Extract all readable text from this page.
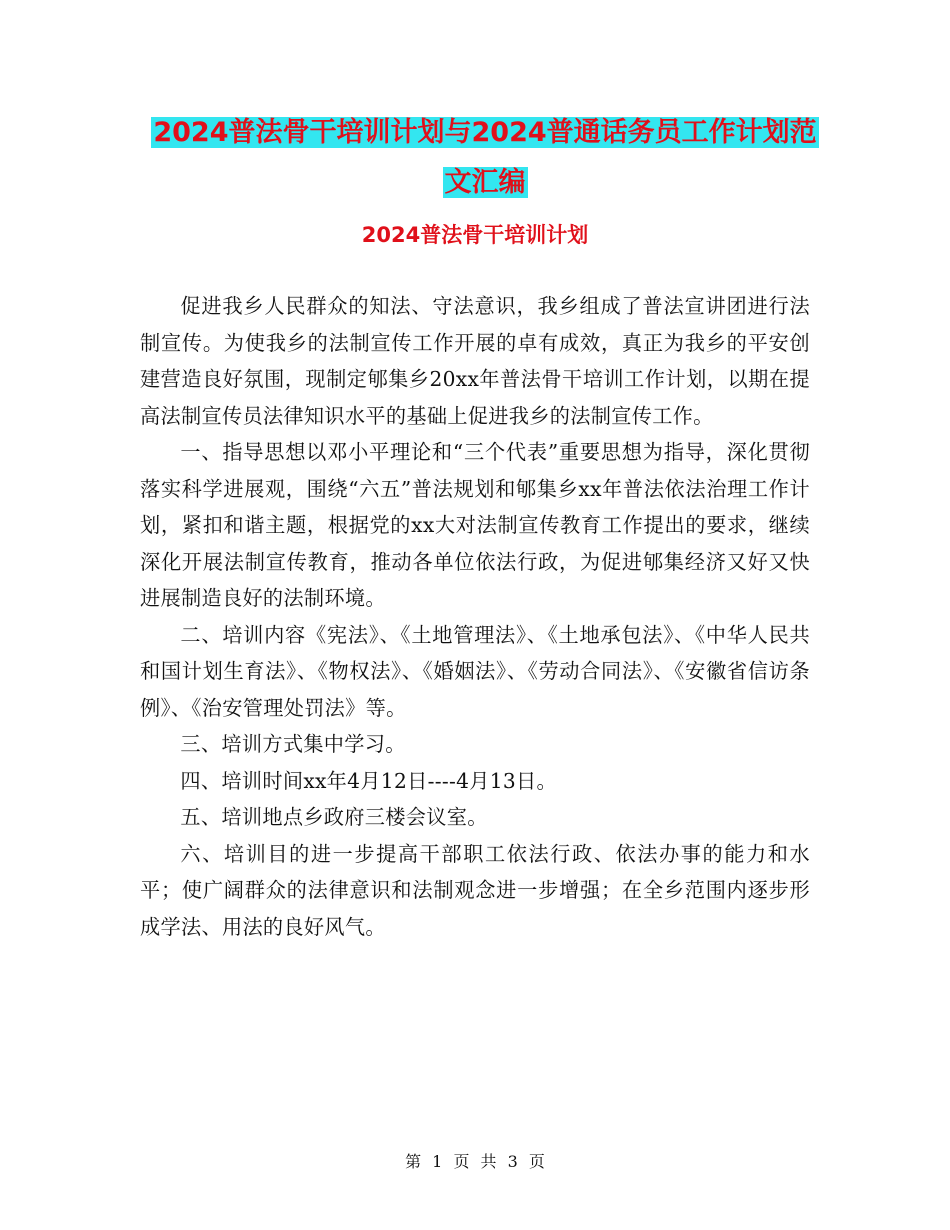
2024普法骨干培训计划与2024普通话务员工作计划范
文汇编
2024普法骨干培训计划

促进我乡人民群众的知法、守法意识，我乡组成了普法宣讲团进行法制宣传。为使我乡的法制宣传工作开展的卓有成效，真正为我乡的平安创建营造良好氛围，现制定郇集乡20xx年普法骨干培训工作计划，以期在提高法制宣传员法律知识水平的基础上促进我乡的法制宣传工作。

一、指导思想以邓小平理论和“三个代表”重要思想为指导，深化贯彻落实科学进展观，围绕“六五”普法规划和郇集乡xx年普法依法治理工作计划，紧扣和谐主题，根据党的xx大对法制宣传教育工作提出的要求，继续深化开展法制宣传教育，推动各单位依法行政，为促进郇集经济又好又快进展制造良好的法制环境。

二、培训内容《宪法》、《土地管理法》、《土地承包法》、《中华人民共和国计划生育法》、《物权法》、《婚姻法》、《劳动合同法》、《安徽省信访条例》、《治安管理处罚法》等。

三、培训方式集中学习。

四、培训时间xx年4月12日----4月13日。

五、培训地点乡政府三楼会议室。

六、培训目的进一步提高干部职工依法行政、依法办事的能力和水平；使广阔群众的法律意识和法制观念进一步增强；在全乡范围内逐步形成学法、用法的良好风气。

第 1 页 共 3 页
